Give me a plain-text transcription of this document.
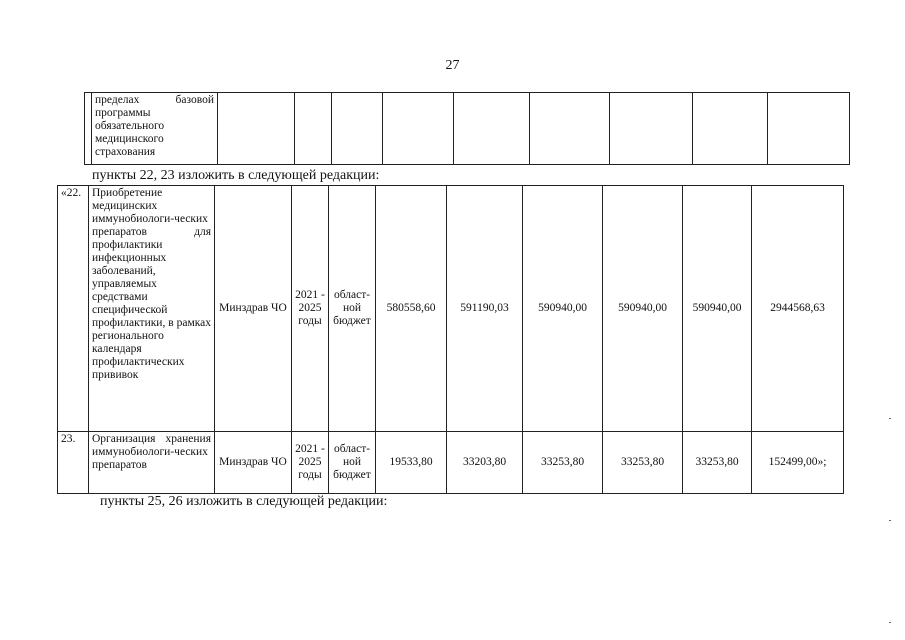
27
	пределах базовой программы обязательного медицинского страхования									
пункты 22, 23 изложить в следующей редакции:
«22.	Приобретение медицинских иммунобиологи-ческих препаратов для профилактики инфекционных заболеваний, управляемых средствами специфической профилактики, в рамках регионального календаря профилактических прививок	Минздрав ЧО	2021 - 2025 годы	област-ной бюджет	580558,60	591190,03	590940,00	590940,00	590940,00	2944568,63
23.	Организация хранения иммунобиологи-ческих препаратов	Минздрав ЧО	2021 - 2025 годы	област-ной бюджет	19533,80	33203,80	33253,80	33253,80	33253,80	152499,00»;
пункты 25, 26 изложить в следующей редакции:
